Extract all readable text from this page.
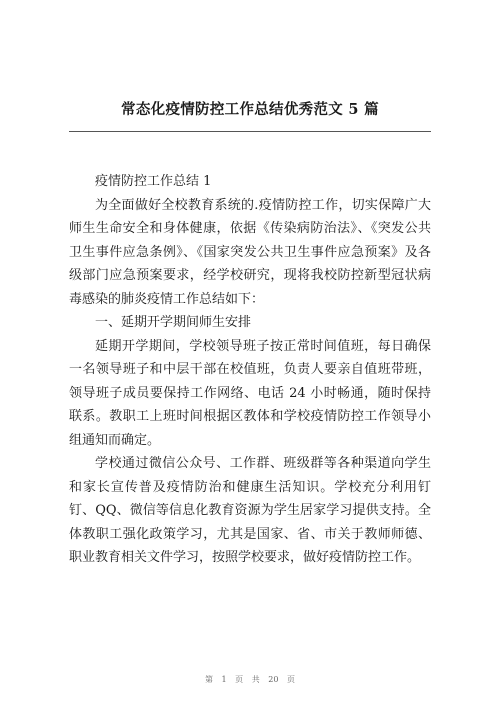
常态化疫情防控工作总结优秀范文 5 篇

疫情防控工作总结 1

为全面做好全校教育系统的.疫情防控工作，切实保障广大师生生命安全和身体健康，依据《传染病防治法》、《突发公共卫生事件应急条例》、《国家突发公共卫生事件应急预案》及各级部门应急预案要求，经学校研究，现将我校防控新型冠状病毒感染的肺炎疫情工作总结如下：

一、延期开学期间师生安排

延期开学期间，学校领导班子按正常时间值班，每日确保一名领导班子和中层干部在校值班，负责人要亲自值班带班，领导班子成员要保持工作网络、电话 24 小时畅通，随时保持联系。教职工上班时间根据区教体和学校疫情防控工作领导小组通知而确定。

学校通过微信公众号、工作群、班级群等各种渠道向学生和家长宣传普及疫情防治和健康生活知识。学校充分利用钉钉、QQ、微信等信息化教育资源为学生居家学习提供支持。全体教职工强化政策学习，尤其是国家、省、市关于教师师德、职业教育相关文件学习，按照学校要求，做好疫情防控工作。

第 1 页 共 20 页
